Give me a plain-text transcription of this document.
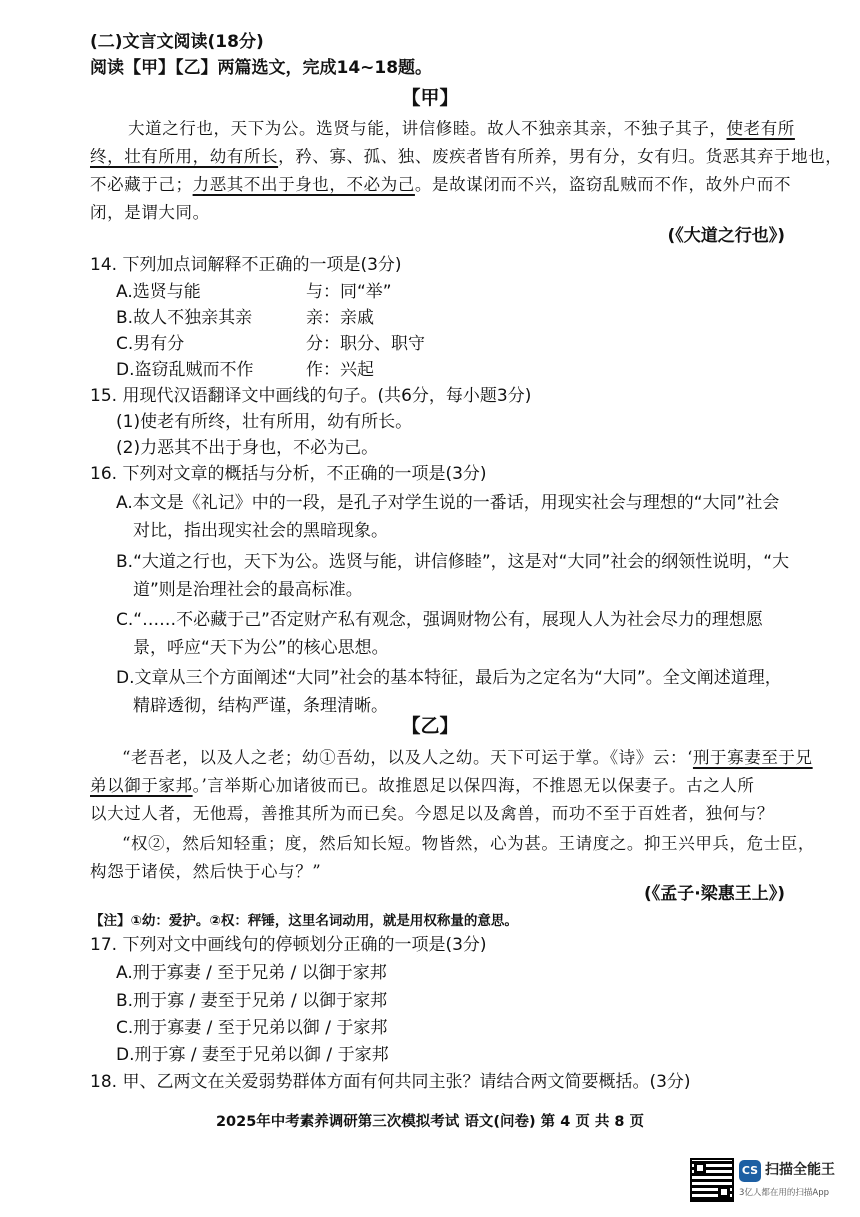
(二)文言文阅读(18分)
阅读【甲】【乙】两篇选文，完成14~18题。
【甲】
大道之行也，天下为公。选贤与能，讲信修睦。故人不独亲其亲，不独子其子，使老有所
终，壮有所用，幼有所长，矜、寡、孤、独、废疾者皆有所养，男有分，女有归。货恶其弃于地也，
不必藏于己；力恶其不出于身也，不必为己。是故谋闭而不兴，盗窃乱贼而不作，故外户而不
闭，是谓大同。
(《大道之行也》)
14. 下列加点词解释不正确的一项是(3分)
A.选贤与能	与：同“举”
B.故人不独亲其亲	亲：亲戚
C.男有分	分：职分、职守
D.盗窃乱贼而不作	作：兴起
15. 用现代汉语翻译文中画线的句子。(共6分，每小题3分)
(1)使老有所终，壮有所用，幼有所长。
(2)力恶其不出于身也，不必为己。
16. 下列对文章的概括与分析，不正确的一项是(3分)
A.本文是《礼记》中的一段，是孔子对学生说的一番话，用现实社会与理想的“大同”社会
对比，指出现实社会的黑暗现象。
B.“大道之行也，天下为公。选贤与能，讲信修睦”，这是对“大同”社会的纲领性说明，“大
道”则是治理社会的最高标准。
C.“……不必藏于己”否定财产私有观念，强调财物公有，展现人人为社会尽力的理想愿
景，呼应“天下为公”的核心思想。
D.文章从三个方面阐述“大同”社会的基本特征，最后为之定名为“大同”。全文阐述道理，
精辟透彻，结构严谨，条理清晰。
【乙】
“老吾老，以及人之老；幼①吾幼，以及人之幼。天下可运于掌。《诗》云：‘刑于寡妻至于兄
弟以御于家邦。’言举斯心加诸彼而已。故推恩足以保四海，不推恩无以保妻子。古之人所
以大过人者，无他焉，善推其所为而已矣。今恩足以及禽兽，而功不至于百姓者，独何与？
“权②，然后知轻重；度，然后知长短。物皆然，心为甚。王请度之。抑王兴甲兵，危士臣，
构怨于诸侯，然后快于心与？”
(《孟子·梁惠王上》)
【注】①幼：爱护。②权：秤锤，这里名词动用，就是用权称量的意思。
17. 下列对文中画线句的停顿划分正确的一项是(3分)
A.刑于寡妻 / 至于兄弟 / 以御于家邦
B.刑于寡 / 妻至于兄弟 / 以御于家邦
C.刑于寡妻 / 至于兄弟以御 / 于家邦
D.刑于寡 / 妻至于兄弟以御 / 于家邦
18. 甲、乙两文在关爱弱势群体方面有何共同主张？请结合两文简要概括。(3分)
2025年中考素养调研第三次模拟考试 语文(问卷) 第 4 页 共 8 页
CS 扫描全能王
3亿人都在用的扫描App
